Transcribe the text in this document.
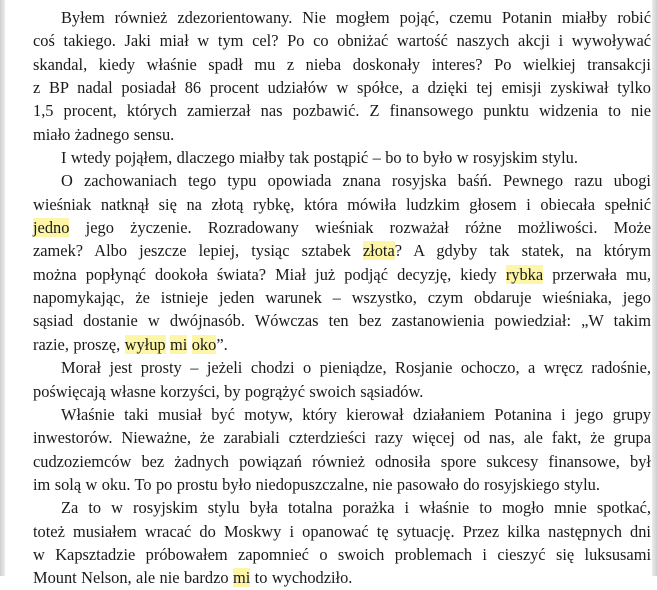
Byłem również zdezorientowany. Nie mogłem pojąć, czemu Potanin miałby robić
coś takiego. Jaki miał w tym cel? Po co obniżać wartość naszych akcji i wywoływać
skandal, kiedy właśnie spadł mu z nieba doskonały interes? Po wielkiej transakcji
z BP nadal posiadał 86 procent udziałów w spółce, a dzięki tej emisji zyskiwał tylko
1,5 procent, których zamierzał nas pozbawić. Z finansowego punktu widzenia to nie
miało żadnego sensu.
I wtedy pojąłem, dlaczego miałby tak postąpić – bo to było w rosyjskim stylu.
O zachowaniach tego typu opowiada znana rosyjska baśń. Pewnego razu ubogi
wieśniak natknął się na złotą rybkę, która mówiła ludzkim głosem i obiecała spełnić
jedno jego życzenie. Rozradowany wieśniak rozważał różne możliwości. Może
zamek? Albo jeszcze lepiej, tysiąc sztabek złota? A gdyby tak statek, na którym
można popłynąć dookoła świata? Miał już podjąć decyzję, kiedy rybka przerwała mu,
napomykając, że istnieje jeden warunek – wszystko, czym obdaruje wieśniaka, jego
sąsiad dostanie w dwójnasób. Wówczas ten bez zastanowienia powiedział: „W takim
razie, proszę, wyłup mi oko”.
Morał jest prosty – jeżeli chodzi o pieniądze, Rosjanie ochoczo, a wręcz radośnie,
poświęcają własne korzyści, by pogrążyć swoich sąsiadów.
Właśnie taki musiał być motyw, który kierował działaniem Potanina i jego grupy
inwestorów. Nieważne, że zarabiali czterdzieści razy więcej od nas, ale fakt, że grupa
cudzoziemców bez żadnych powiązań również odnosiła spore sukcesy finansowe, był
im solą w oku. To po prostu było niedopuszczalne, nie pasowało do rosyjskiego stylu.
Za to w rosyjskim stylu była totalna porażka i właśnie to mogło mnie spotkać,
toteż musiałem wracać do Moskwy i opanować tę sytuację. Przez kilka następnych dni
w Kapsztadzie próbowałem zapomnieć o swoich problemach i cieszyć się luksusami
Mount Nelson, ale nie bardzo mi to wychodziło.
